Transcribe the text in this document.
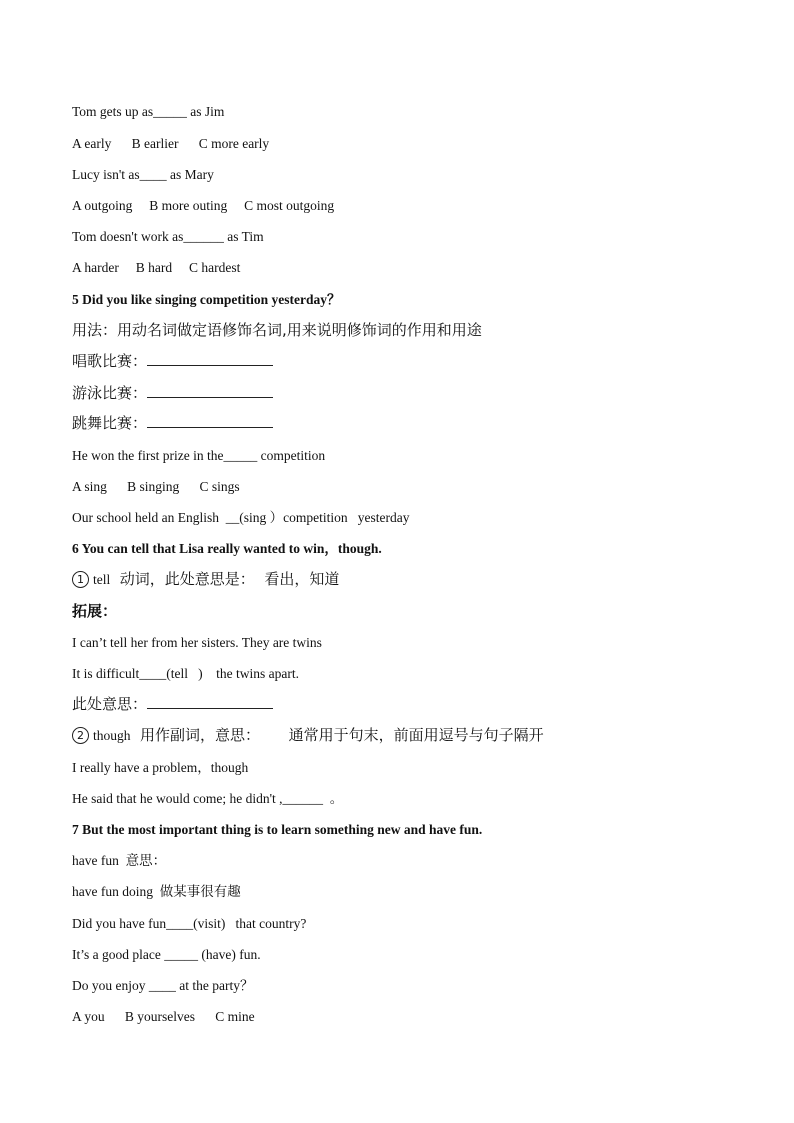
Tom gets up as_____ as Jim
A early      B earlier      C more early
Lucy isn't as____ as Mary
A outgoing     B more outing     C most outgoing
Tom doesn't work as______ as Tim
A harder     B hard     C hardest
5 Did you like singing competition yesterday？
用法：用动名词做定语修饰名词,用来说明修饰词的作用和用途
唱歌比赛：
游泳比赛：
跳舞比赛：
He won the first prize in the_____ competition
A sing      B singing      C sings
Our school held an English  __(sing ）competition   yesterday
6 You can tell that Lisa really wanted to win，though.
1 tell  动词，此处意思是：  看出，知道
拓展：
I can’t tell her from her sisters. They are twins
It is difficult____(tell   )    the twins apart.
此处意思：
2 though  用作副词，意思：      通常用于句末，前面用逗号与句子隔开
I really have a problem，though
He said that he would come; he didn't ,______  。
7 But the most important thing is to learn something new and have fun.
have fun  意思：
have fun doing  做某事很有趣
Did you have fun____(visit)   that country?
It’s a good place _____ (have) fun.
Do you enjoy ____ at the party？
A you      B yourselves      C mine
